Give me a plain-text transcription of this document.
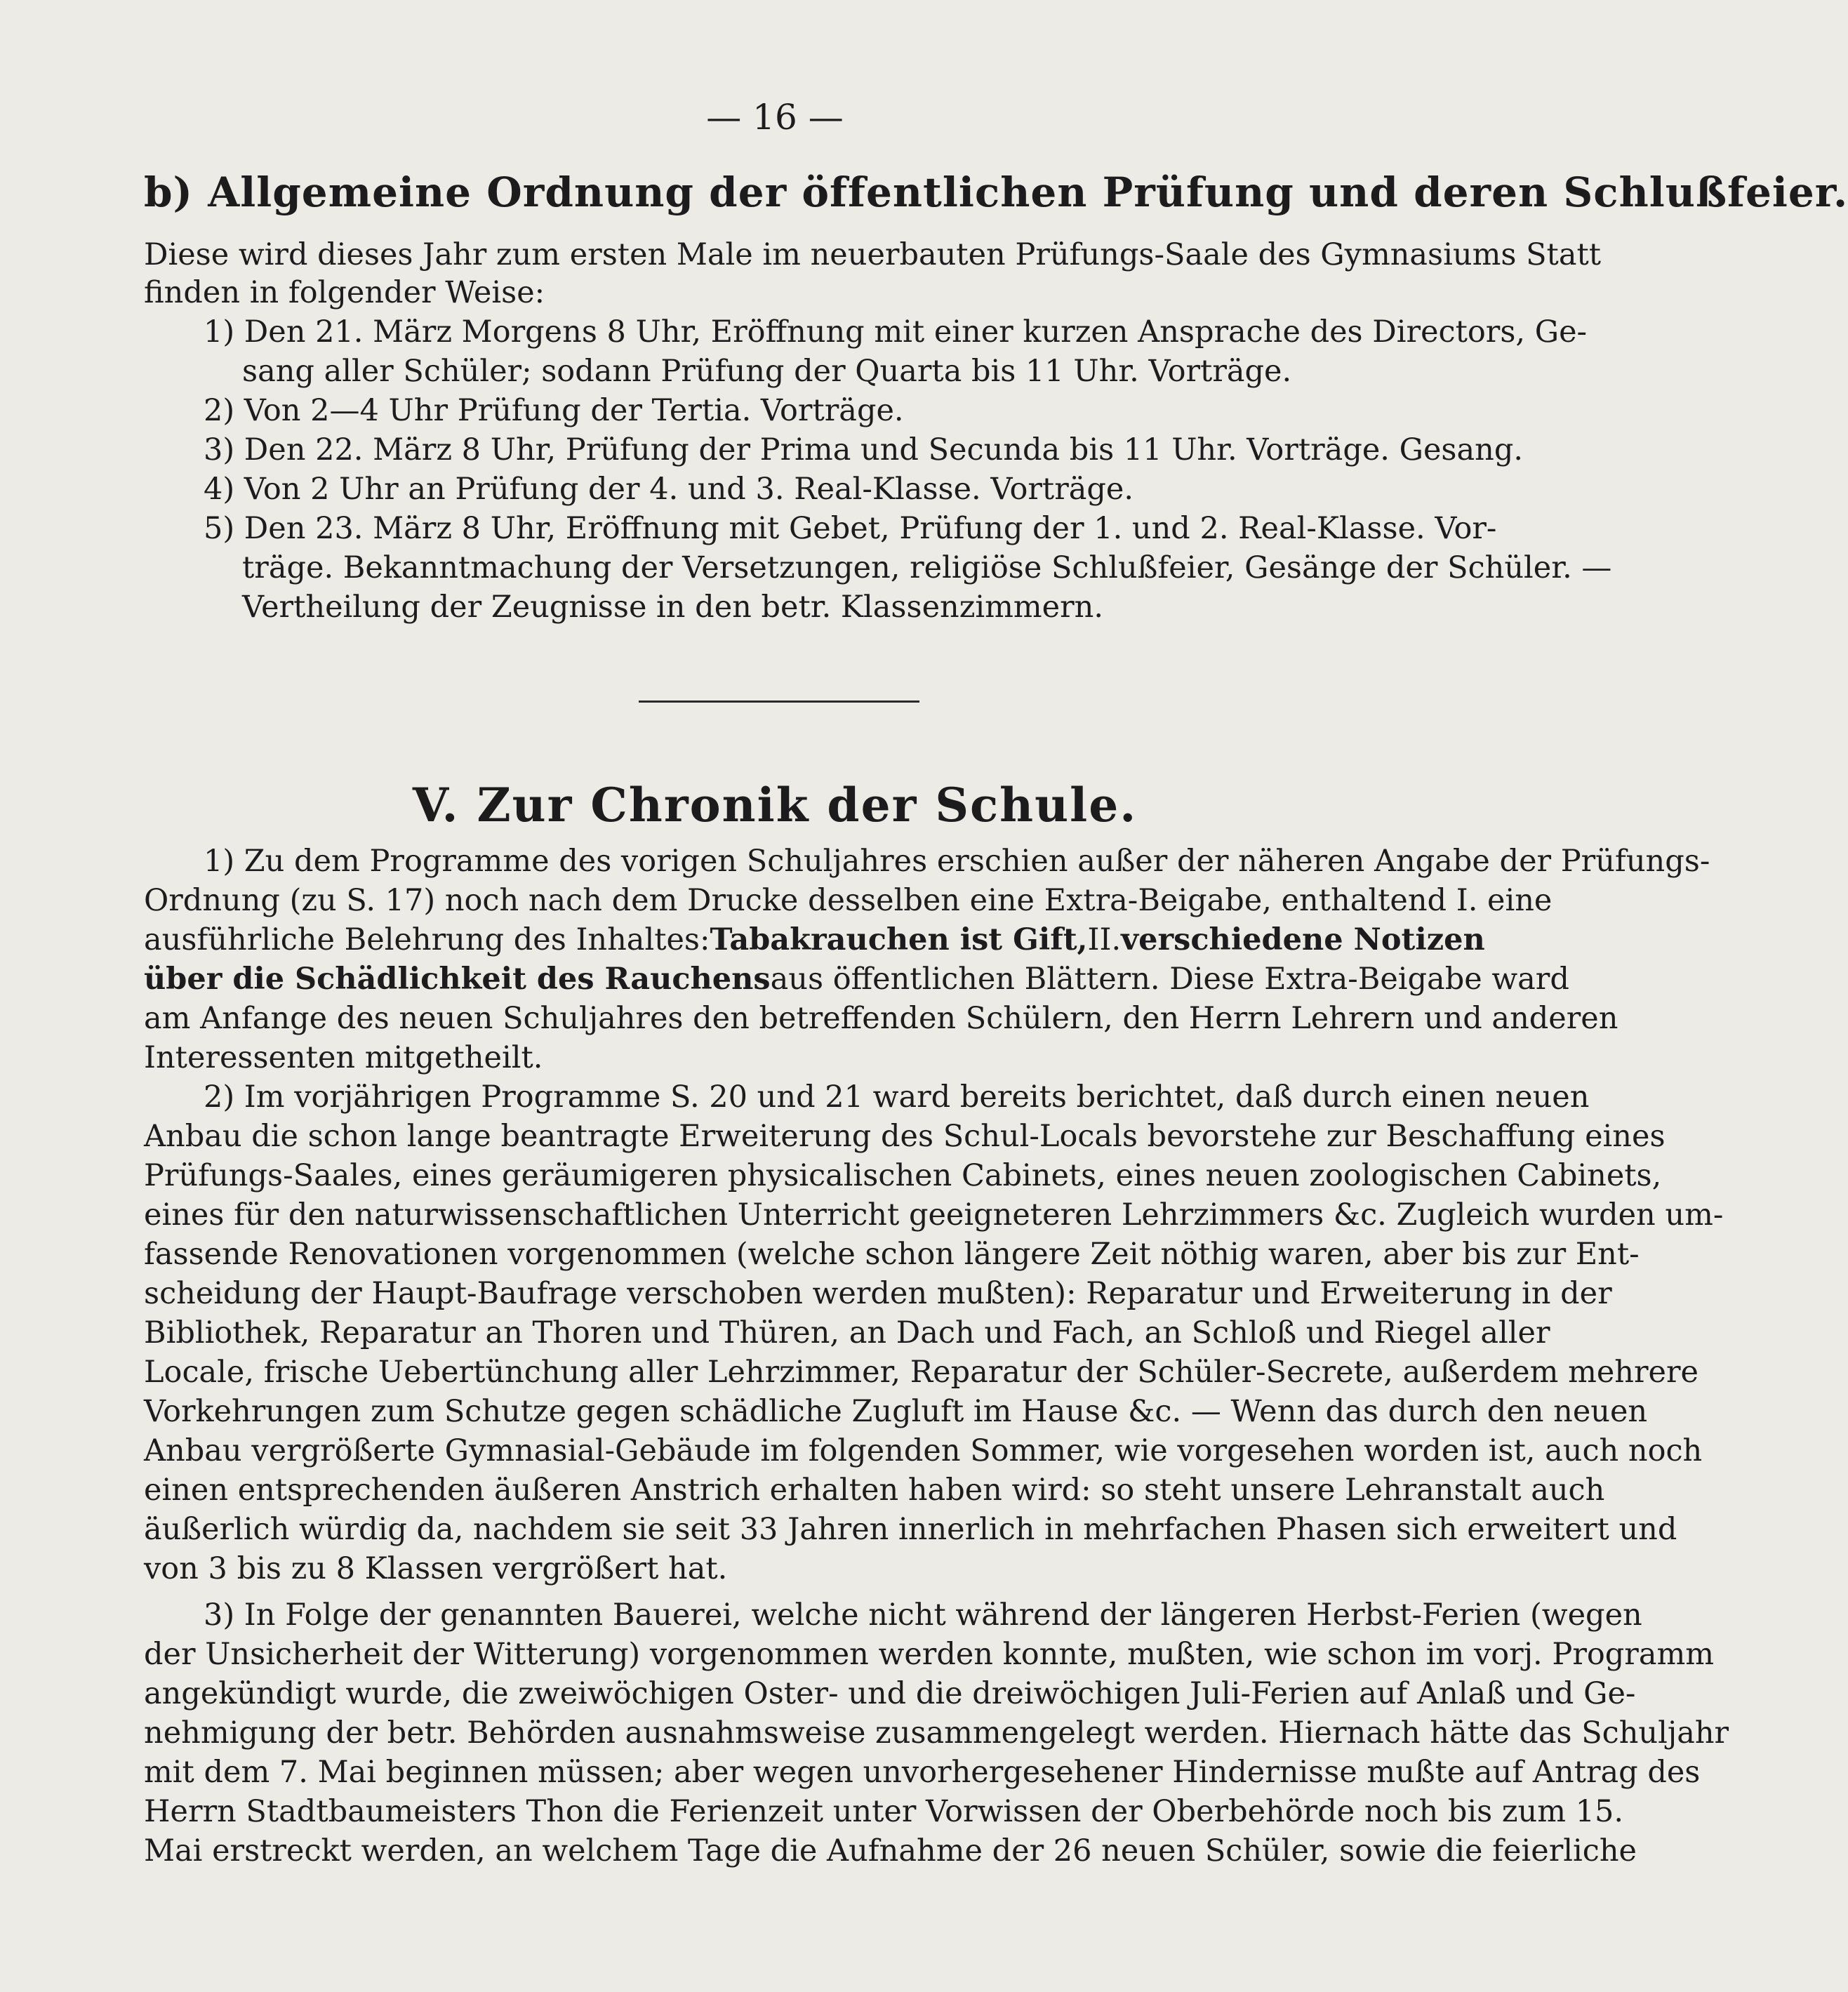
— 16 —
b) Allgemeine Ordnung der öffentlichen Prüfung und deren Schlußfeier.
Diese wird dieses Jahr zum ersten Male im neuerbauten Prüfungs-Saale des Gymnasiums Statt
finden in folgender Weise:
1) Den 21. März Morgens 8 Uhr, Eröffnung mit einer kurzen Ansprache des Directors, Ge-
sang aller Schüler; sodann Prüfung der Quarta bis 11 Uhr. Vorträge.
2) Von 2—4 Uhr Prüfung der Tertia. Vorträge.
3) Den 22. März 8 Uhr, Prüfung der Prima und Secunda bis 11 Uhr. Vorträge. Gesang.
4) Von 2 Uhr an Prüfung der 4. und 3. Real-Klasse. Vorträge.
5) Den 23. März 8 Uhr, Eröffnung mit Gebet, Prüfung der 1. und 2. Real-Klasse. Vor-
träge. Bekanntmachung der Versetzungen, religiöse Schlußfeier, Gesänge der Schüler. —
Vertheilung der Zeugnisse in den betr. Klassenzimmern.
V. Zur Chronik der Schule.
1) Zu dem Programme des vorigen Schuljahres erschien außer der näheren Angabe der Prüfungs-
Ordnung (zu S. 17) noch nach dem Drucke desselben eine Extra-Beigabe, enthaltend I. eine
ausführliche Belehrung des Inhaltes: Tabakrauchen ist Gift, II. verschiedene Notizen
über die Schädlichkeit des Rauchens aus öffentlichen Blättern. Diese Extra-Beigabe ward
am Anfange des neuen Schuljahres den betreffenden Schülern, den Herrn Lehrern und anderen
Interessenten mitgetheilt.
2) Im vorjährigen Programme S. 20 und 21 ward bereits berichtet, daß durch einen neuen
Anbau die schon lange beantragte Erweiterung des Schul-Locals bevorstehe zur Beschaffung eines
Prüfungs-Saales, eines geräumigeren physicalischen Cabinets, eines neuen zoologischen Cabinets,
eines für den naturwissenschaftlichen Unterricht geeigneteren Lehrzimmers &c. Zugleich wurden um-
fassende Renovationen vorgenommen (welche schon längere Zeit nöthig waren, aber bis zur Ent-
scheidung der Haupt-Baufrage verschoben werden mußten): Reparatur und Erweiterung in der
Bibliothek, Reparatur an Thoren und Thüren, an Dach und Fach, an Schloß und Riegel aller
Locale, frische Uebertünchung aller Lehrzimmer, Reparatur der Schüler-Secrete, außerdem mehrere
Vorkehrungen zum Schutze gegen schädliche Zugluft im Hause &c. — Wenn das durch den neuen
Anbau vergrößerte Gymnasial-Gebäude im folgenden Sommer, wie vorgesehen worden ist, auch noch
einen entsprechenden äußeren Anstrich erhalten haben wird: so steht unsere Lehranstalt auch
äußerlich würdig da, nachdem sie seit 33 Jahren innerlich in mehrfachen Phasen sich erweitert und
von 3 bis zu 8 Klassen vergrößert hat.
3) In Folge der genannten Bauerei, welche nicht während der längeren Herbst-Ferien (wegen
der Unsicherheit der Witterung) vorgenommen werden konnte, mußten, wie schon im vorj. Programm
angekündigt wurde, die zweiwöchigen Oster- und die dreiwöchigen Juli-Ferien auf Anlaß und Ge-
nehmigung der betr. Behörden ausnahmsweise zusammengelegt werden. Hiernach hätte das Schuljahr
mit dem 7. Mai beginnen müssen; aber wegen unvorhergesehener Hindernisse mußte auf Antrag des
Herrn Stadtbaumeisters Thon die Ferienzeit unter Vorwissen der Oberbehörde noch bis zum 15.
Mai erstreckt werden, an welchem Tage die Aufnahme der 26 neuen Schüler, sowie die feierliche
